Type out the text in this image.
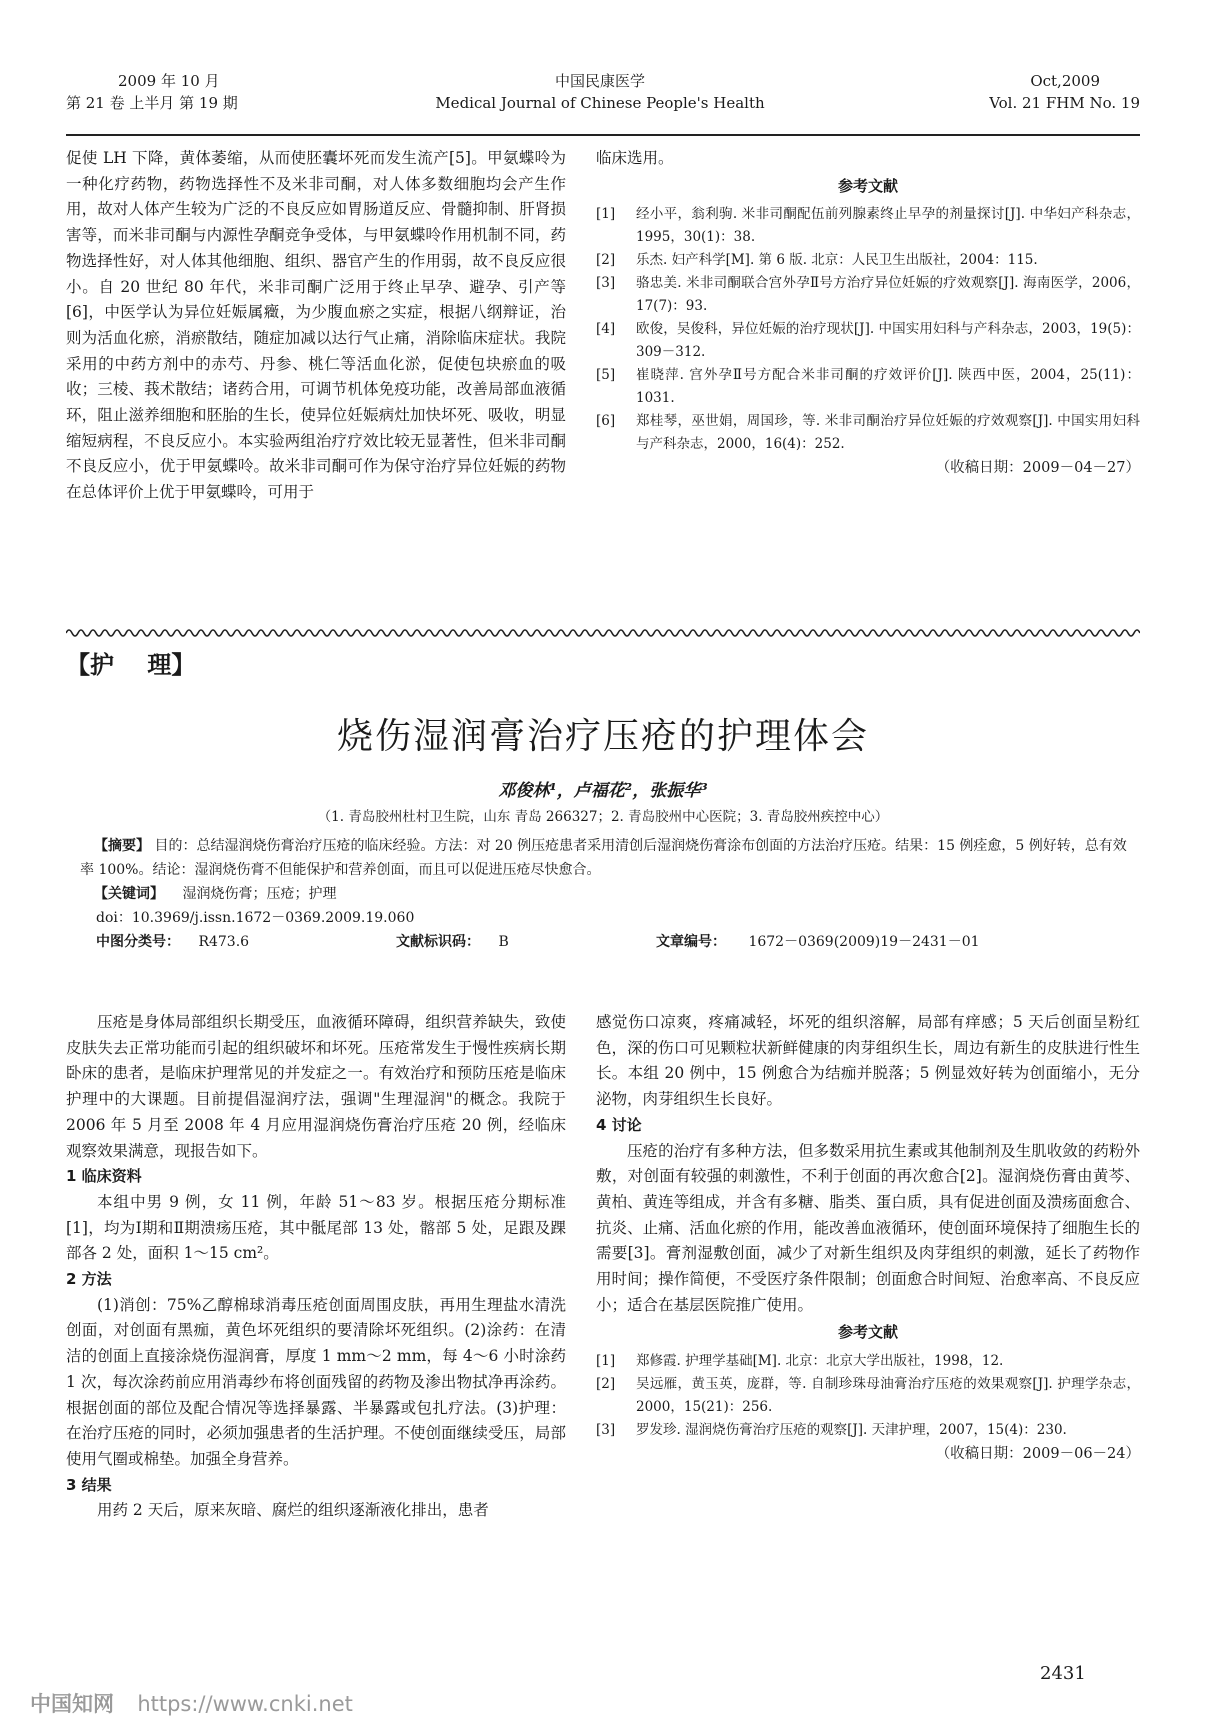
2009 年 10 月
第 21 卷 上半月 第 19 期
中国民康医学
Medical Journal of Chinese People's Health
Oct,2009
Vol. 21 FHM No. 19

促使 LH 下降，黄体萎缩，从而使胚囊坏死而发生流产[5]。甲氨蝶呤为一种化疗药物，药物选择性不及米非司酮，对人体多数细胞均会产生作用，故对人体产生较为广泛的不良反应如胃肠道反应、骨髓抑制、肝肾损害等，而米非司酮与内源性孕酮竞争受体，与甲氨蝶呤作用机制不同，药物选择性好，对人体其他细胞、组织、器官产生的作用弱，故不良反应很小。自 20 世纪 80 年代，米非司酮广泛用于终止早孕、避孕、引产等[6]，中医学认为异位妊娠属癥，为少腹血瘀之实症，根据八纲辩证，治则为活血化瘀，消瘀散结，随症加减以达行气止痛，消除临床症状。我院采用的中药方剂中的赤芍、丹参、桃仁等活血化淤，促使包块瘀血的吸收；三棱、莪术散结；诸药合用，可调节机体免疫功能，改善局部血液循环，阻止滋养细胞和胚胎的生长，使异位妊娠病灶加快坏死、吸收，明显缩短病程，不良反应小。本实验两组治疗疗效比较无显著性，但米非司酮不良反应小，优于甲氨蝶呤。故米非司酮可作为保守治疗异位妊娠的药物在总体评价上优于甲氨蝶呤，可用于

临床选用。

参考文献
[1]	经小平，翁利驹. 米非司酮配伍前列腺素终止早孕的剂量探讨[J]. 中华妇产科杂志，1995，30(1)：38.
[2]	乐杰. 妇产科学[M]. 第 6 版. 北京：人民卫生出版社，2004：115.
[3]	骆忠美. 米非司酮联合宫外孕Ⅱ号方治疗异位妊娠的疗效观察[J]. 海南医学，2006，17(7)：93.
[4]	欧俊，吴俊科，异位妊娠的治疗现状[J]. 中国实用妇科与产科杂志，2003，19(5)：309－312.
[5]	崔晓萍. 宫外孕Ⅱ号方配合米非司酮的疗效评价[J]. 陕西中医，2004，25(11)：1031.
[6]	郑桂琴，巫世娟，周国珍，等. 米非司酮治疗异位妊娠的疗效观察[J]. 中国实用妇科与产科杂志，2000，16(4)：252.
（收稿日期：2009－04－27）
【护    理】
烧伤湿润膏治疗压疮的护理体会
邓俊林¹，卢福花²，张振华³
（1. 青岛胶州杜村卫生院，山东 青岛 266327；2. 青岛胶州中心医院；3. 青岛胶州疾控中心）
【摘要】 目的：总结湿润烧伤膏治疗压疮的临床经验。方法：对 20 例压疮患者采用清创后湿润烧伤膏涂布创面的方法治疗压疮。结果：15 例痊愈，5 例好转，总有效率 100%。结论：湿润烧伤膏不但能保护和营养创面，而且可以促进压疮尽快愈合。
【关键词】 湿润烧伤膏；压疮；护理
doi：10.3969/j.issn.1672－0369.2009.19.060
中图分类号： R473.6	文献标识码： B	文章编号： 1672－0369(2009)19－2431－01

压疮是身体局部组织长期受压，血液循环障碍，组织营养缺失，致使皮肤失去正常功能而引起的组织破坏和坏死。压疮常发生于慢性疾病长期卧床的患者，是临床护理常见的并发症之一。有效治疗和预防压疮是临床护理中的大课题。目前提倡湿润疗法，强调"生理湿润"的概念。我院于 2006 年 5 月至 2008 年 4 月应用湿润烧伤膏治疗压疮 20 例，经临床观察效果满意，现报告如下。

1 临床资料

本组中男 9 例，女 11 例，年龄 51～83 岁。根据压疮分期标准[1]，均为Ⅰ期和Ⅱ期溃疡压疮，其中骶尾部 13 处，髂部 5 处，足跟及踝部各 2 处，面积 1～15 cm²。

2 方法

(1)消创：75%乙醇棉球消毒压疮创面周围皮肤，再用生理盐水清洗创面，对创面有黑痂，黄色坏死组织的要清除坏死组织。(2)涂药：在清洁的创面上直接涂烧伤湿润膏，厚度 1 mm～2 mm，每 4～6 小时涂药 1 次，每次涂药前应用消毒纱布将创面残留的药物及渗出物拭净再涂药。根据创面的部位及配合情况等选择暴露、半暴露或包扎疗法。(3)护理：在治疗压疮的同时，必须加强患者的生活护理。不使创面继续受压，局部使用气圈或棉垫。加强全身营养。

3 结果

用药 2 天后，原来灰暗、腐烂的组织逐渐液化排出，患者

感觉伤口凉爽，疼痛减轻，坏死的组织溶解，局部有痒感；5 天后创面呈粉红色，深的伤口可见颗粒状新鲜健康的肉芽组织生长，周边有新生的皮肤进行性生长。本组 20 例中，15 例愈合为结痂并脱落；5 例显效好转为创面缩小，无分泌物，肉芽组织生长良好。

4 讨论

压疮的治疗有多种方法，但多数采用抗生素或其他制剂及生肌收敛的药粉外敷，对创面有较强的刺激性，不利于创面的再次愈合[2]。湿润烧伤膏由黄芩、黄柏、黄连等组成，并含有多糖、脂类、蛋白质，具有促进创面及溃疡面愈合、抗炎、止痛、活血化瘀的作用，能改善血液循环，使创面环境保持了细胞生长的需要[3]。膏剂湿敷创面，减少了对新生组织及肉芽组织的刺激，延长了药物作用时间；操作简便，不受医疗条件限制；创面愈合时间短、治愈率高、不良反应小；适合在基层医院推广使用。

参考文献
[1]	郑修霞. 护理学基础[M]. 北京：北京大学出版社，1998，12.
[2]	吴远雁，黄玉英，庞群，等. 自制珍珠母油膏治疗压疮的效果观察[J]. 护理学杂志，2000，15(21)：256.
[3]	罗发珍. 湿润烧伤膏治疗压疮的观察[J]. 天津护理，2007，15(4)：230.
（收稿日期：2009－06－24）
2431
中国知网 https://www.cnki.net
